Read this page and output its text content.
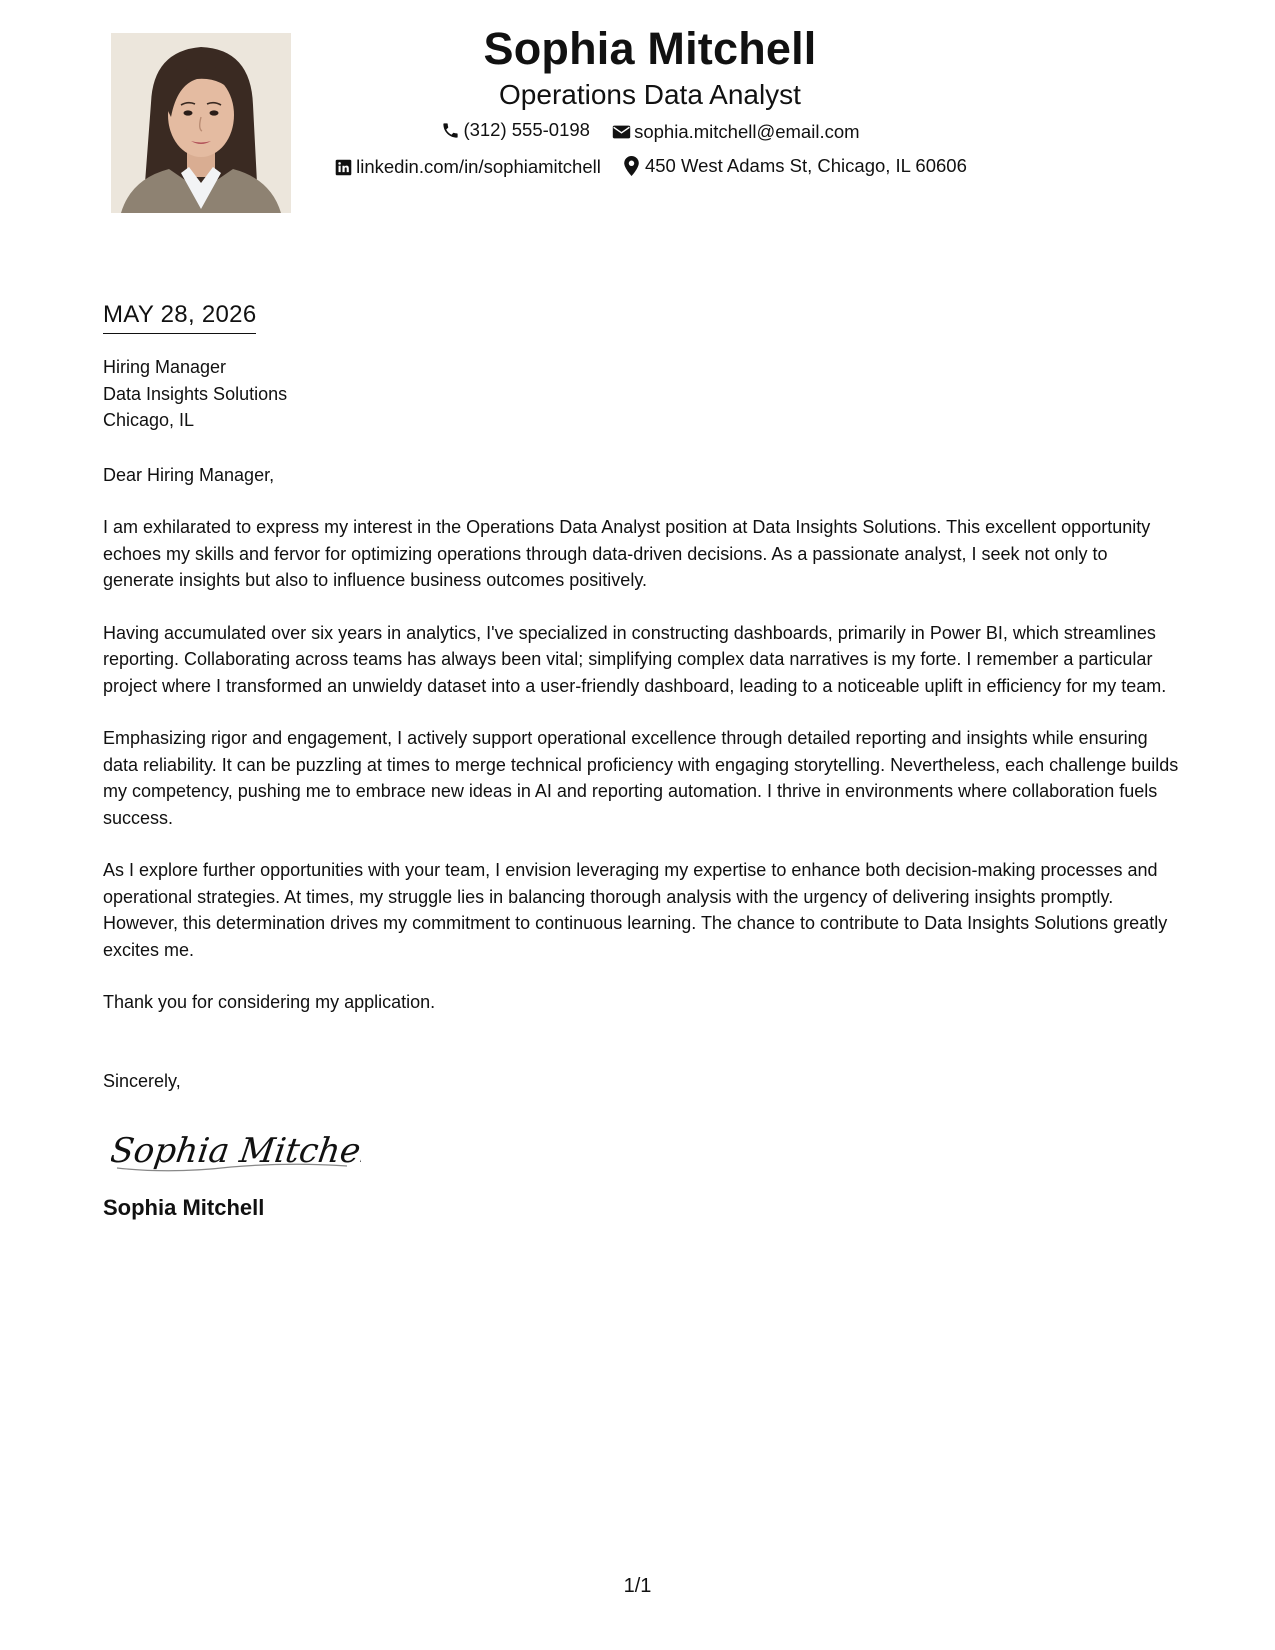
Sophia Mitchell
Operations Data Analyst
(312) 555-0198
sophia.mitchell@email.com
linkedin.com/in/sophiamitchell
450 West Adams St, Chicago, IL 60606
MAY 28, 2026
Hiring Manager
Data Insights Solutions
Chicago, IL

Dear Hiring Manager,

I am exhilarated to express my interest in the Operations Data Analyst position at Data Insights Solutions. This excellent opportunity echoes my skills and fervor for optimizing operations through data-driven decisions. As a passionate analyst, I seek not only to generate insights but also to influence business outcomes positively.

Having accumulated over six years in analytics, I've specialized in constructing dashboards, primarily in Power BI, which streamlines reporting. Collaborating across teams has always been vital; simplifying complex data narratives is my forte. I remember a particular project where I transformed an unwieldy dataset into a user-friendly dashboard, leading to a noticeable uplift in efficiency for my team.

Emphasizing rigor and engagement, I actively support operational excellence through detailed reporting and insights while ensuring data reliability. It can be puzzling at times to merge technical proficiency with engaging storytelling. Nevertheless, each challenge builds my competency, pushing me to embrace new ideas in AI and reporting automation. I thrive in environments where collaboration fuels success.

As I explore further opportunities with your team, I envision leveraging my expertise to enhance both decision-making processes and operational strategies. At times, my struggle lies in balancing thorough analysis with the urgency of delivering insights promptly. However, this determination drives my commitment to continuous learning. The chance to contribute to Data Insights Solutions greatly excites me.

Thank you for considering my application.

Sincerely,
Sophia Mitchell
Sophia Mitchell
1/1
